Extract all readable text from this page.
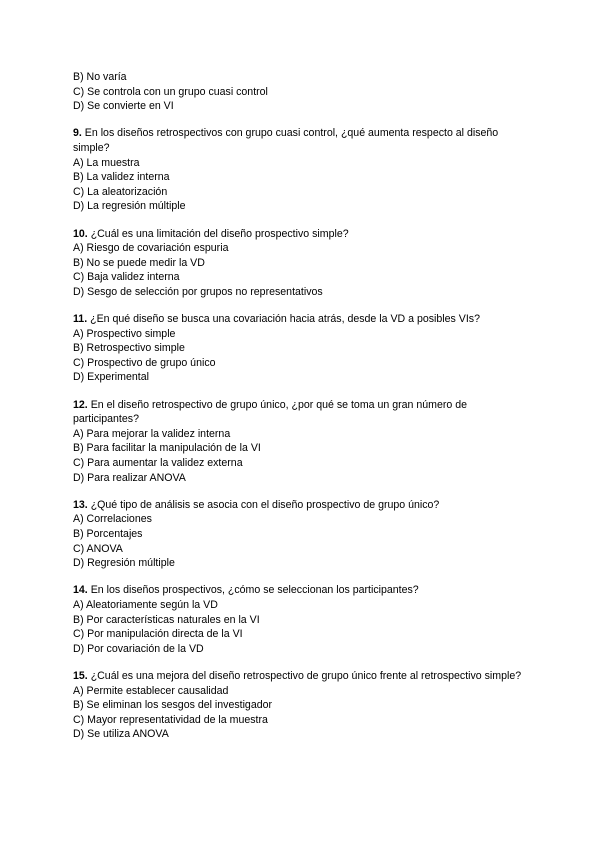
B) No varía
C) Se controla con un grupo cuasi control
D) Se convierte en VI
9. En los diseños retrospectivos con grupo cuasi control, ¿qué aumenta respecto al diseño simple?
A) La muestra
B) La validez interna
C) La aleatorización
D) La regresión múltiple
10. ¿Cuál es una limitación del diseño prospectivo simple?
A) Riesgo de covariación espuria
B) No se puede medir la VD
C) Baja validez interna
D) Sesgo de selección por grupos no representativos
11. ¿En qué diseño se busca una covariación hacia atrás, desde la VD a posibles VIs?
A) Prospectivo simple
B) Retrospectivo simple
C) Prospectivo de grupo único
D) Experimental
12. En el diseño retrospectivo de grupo único, ¿por qué se toma un gran número de participantes?
A) Para mejorar la validez interna
B) Para facilitar la manipulación de la VI
C) Para aumentar la validez externa
D) Para realizar ANOVA
13. ¿Qué tipo de análisis se asocia con el diseño prospectivo de grupo único?
A) Correlaciones
B) Porcentajes
C) ANOVA
D) Regresión múltiple
14. En los diseños prospectivos, ¿cómo se seleccionan los participantes?
A) Aleatoriamente según la VD
B) Por características naturales en la VI
C) Por manipulación directa de la VI
D) Por covariación de la VD
15. ¿Cuál es una mejora del diseño retrospectivo de grupo único frente al retrospectivo simple?
A) Permite establecer causalidad
B) Se eliminan los sesgos del investigador
C) Mayor representatividad de la muestra
D) Se utiliza ANOVA
